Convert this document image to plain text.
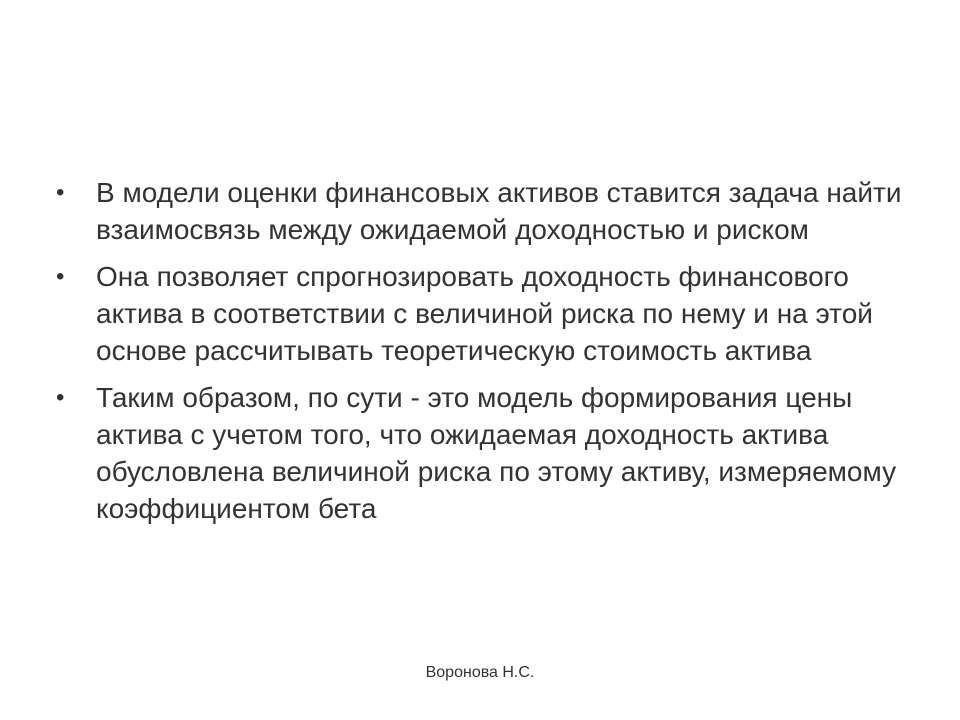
• В модели оценки финансовых активов ставится задача найти взаимосвязь между ожидаемой доходностью и риском
• Она позволяет спрогнозировать доходность финансового актива в соответствии с величиной риска по нему и на этой основе рассчитывать теоретическую стоимость актива
• Таким образом, по сути - это модель формирования цены актива с учетом того, что ожидаемая доходность актива обусловлена величиной риска по этому активу, измеряемому коэффициентом бета
Воронова Н.С.
